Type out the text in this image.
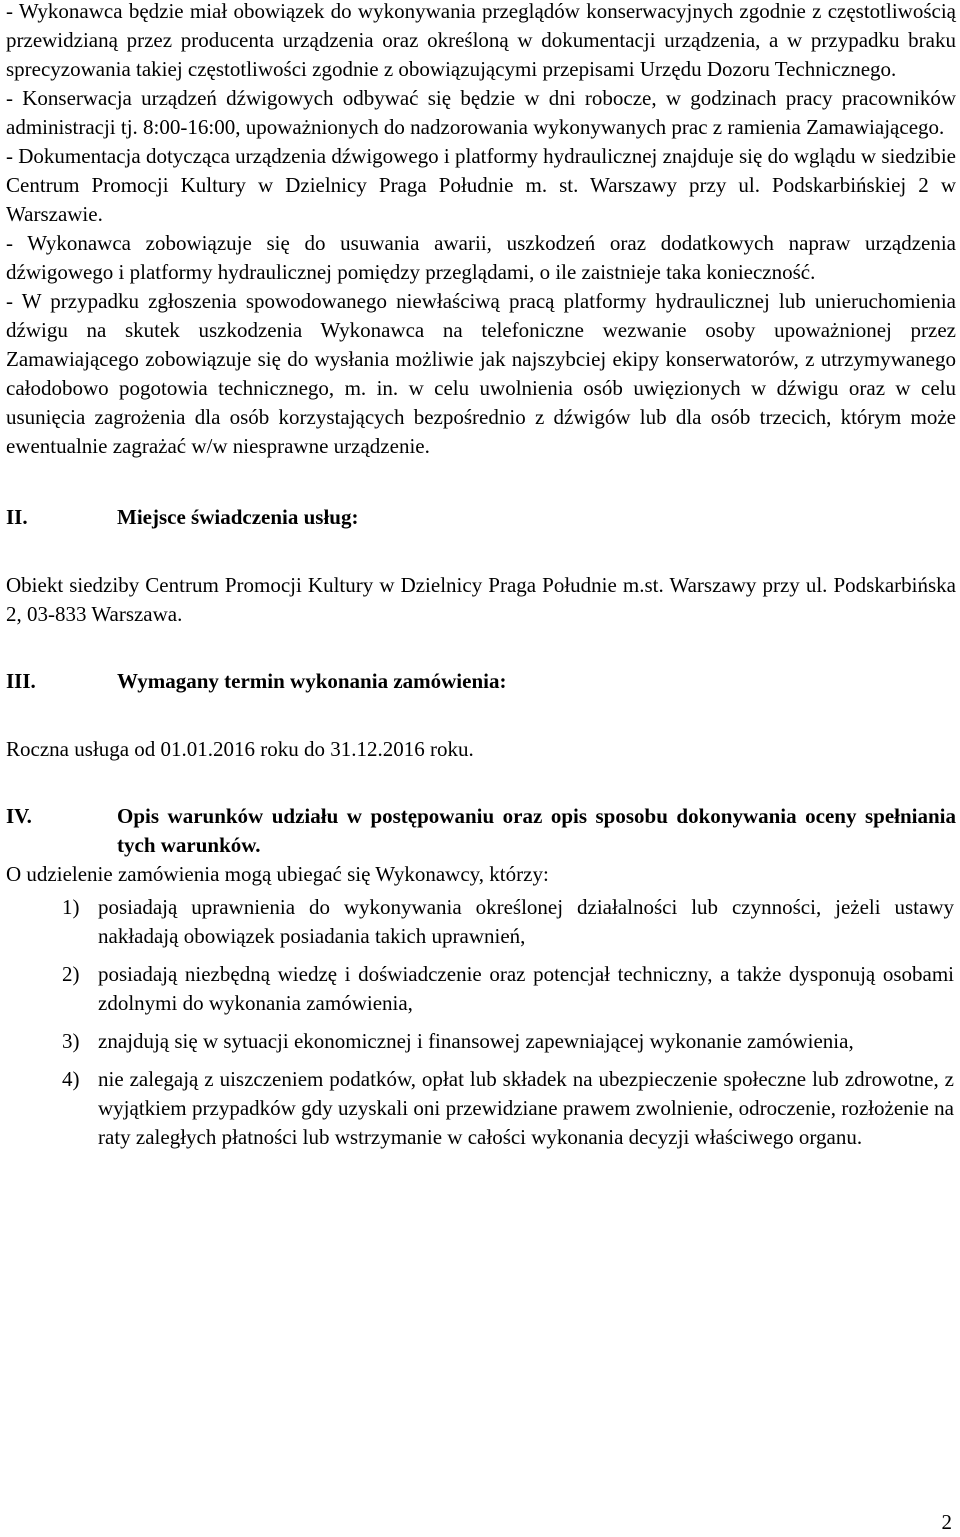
- Wykonawca będzie miał obowiązek do wykonywania przeglądów konserwacyjnych zgodnie z częstotliwością przewidzianą przez producenta urządzenia oraz określoną w dokumentacji urządzenia, a w przypadku braku sprecyzowania takiej częstotliwości zgodnie z obowiązującymi przepisami Urzędu Dozoru Technicznego.

- Konserwacja urządzeń dźwigowych odbywać się będzie w dni robocze, w godzinach pracy pracowników administracji tj. 8:00-16:00, upoważnionych do nadzorowania wykonywanych prac z ramienia Zamawiającego.

- Dokumentacja dotycząca urządzenia dźwigowego i platformy hydraulicznej znajduje się do wglądu w siedzibie Centrum Promocji Kultury w Dzielnicy Praga Południe m. st. Warszawy przy ul. Podskarbińskiej 2 w Warszawie.

- Wykonawca zobowiązuje się do usuwania awarii, uszkodzeń oraz dodatkowych napraw urządzenia dźwigowego i platformy hydraulicznej pomiędzy przeglądami, o ile zaistnieje taka konieczność.

- W przypadku zgłoszenia spowodowanego niewłaściwą pracą platformy hydraulicznej lub unieruchomienia dźwigu na skutek uszkodzenia Wykonawca na telefoniczne wezwanie osoby upoważnionej przez Zamawiającego zobowiązuje się do wysłania możliwie jak najszybciej ekipy konserwatorów, z utrzymywanego całodobowo pogotowia technicznego, m. in. w celu uwolnienia osób uwięzionych w dźwigu oraz w celu usunięcia zagrożenia dla osób korzystających bezpośrednio z dźwigów lub dla osób trzecich, którym może ewentualnie zagrażać w/w niesprawne urządzenie.

II.	Miejsce świadczenia usług:

Obiekt siedziby Centrum Promocji Kultury w Dzielnicy Praga Południe m.st. Warszawy przy ul. Podskarbińska 2, 03-833 Warszawa.

III.	Wymagany termin wykonania zamówienia:

Roczna usługa od 01.01.2016 roku do 31.12.2016 roku.

IV.	Opis warunków udziału w postępowaniu oraz opis sposobu dokonywania oceny spełniania tych warunków.

O udzielenie zamówienia mogą ubiegać się Wykonawcy, którzy:

1) posiadają uprawnienia do wykonywania określonej działalności lub czynności, jeżeli ustawy nakładają obowiązek posiadania takich uprawnień,
2) posiadają niezbędną wiedzę i doświadczenie oraz potencjał techniczny, a także dysponują osobami zdolnymi do wykonania zamówienia,
3) znajdują się w sytuacji ekonomicznej i finansowej zapewniającej wykonanie zamówienia,
4) nie zalegają z uiszczeniem podatków, opłat lub składek na ubezpieczenie społeczne lub zdrowotne, z wyjątkiem przypadków gdy uzyskali oni przewidziane prawem zwolnienie, odroczenie, rozłożenie na raty zaległych płatności lub wstrzymanie w całości wykonania decyzji właściwego organu.
2
